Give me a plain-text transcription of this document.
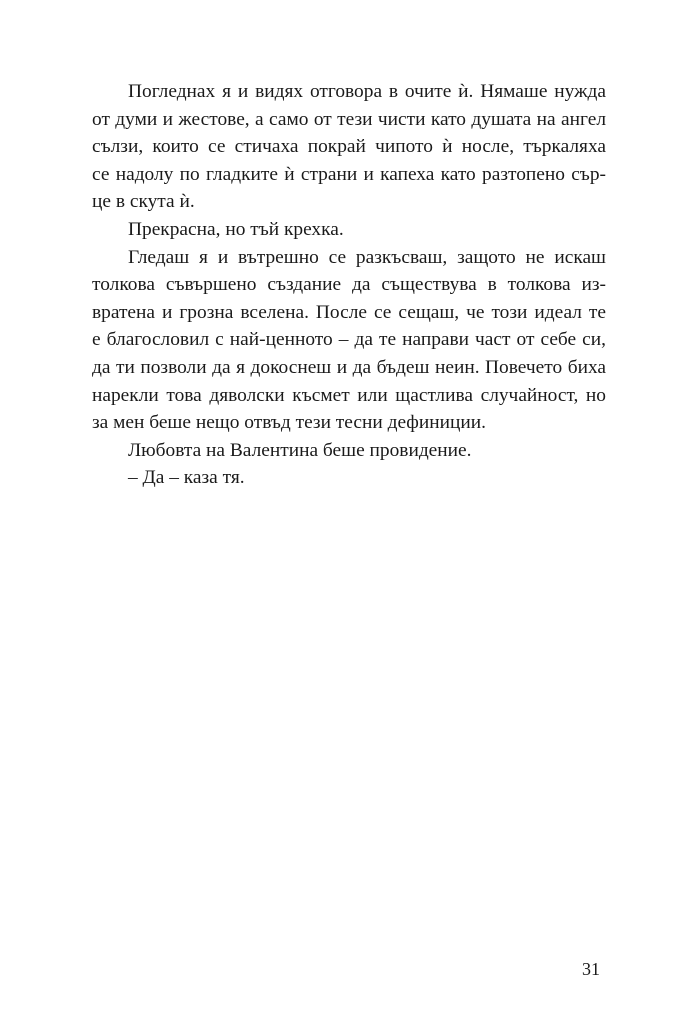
Погледнах я и видях отговора в очите ѝ. Нямаше нужда
от думи и жестове, а само от тези чисти като душата на ангел
сълзи, които се стичаха покрай чипото ѝ носле, търкаляха
се надолу по гладките ѝ страни и капеха като разтопено сър-
це в скута ѝ.

Прекрасна, но тъй крехка.

Гледаш я и вътрешно се разкъсваш, защото не искаш
толкова съвършено създание да съществува в толкова из-
вратена и грозна вселена. После се сещаш, че този идеал те
е благословил с най-ценното – да те направи част от себе си,
да ти позволи да я докоснеш и да бъдеш неин. Повечето биха
нарекли това дяволски късмет или щастлива случайност, но
за мен беше нещо отвъд тези тесни дефиниции.

Любовта на Валентина беше провидение.

– Да – каза тя.

31
